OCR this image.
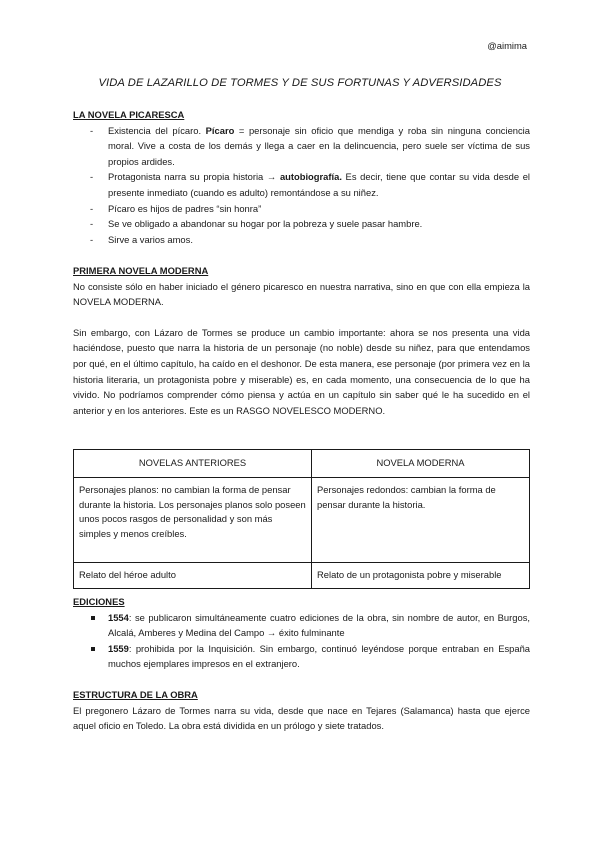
@aimima
VIDA DE LAZARILLO DE TORMES Y DE SUS FORTUNAS Y ADVERSIDADES
LA NOVELA PICARESCA
- Existencia del pícaro. Pícaro = personaje sin oficio que mendiga y roba sin ninguna conciencia moral. Vive a costa de los demás y llega a caer en la delincuencia, pero suele ser víctima de sus propios ardides.
- Protagonista narra su propia historia → autobiografía. Es decir, tiene que contar su vida desde el presente inmediato (cuando es adulto) remontándose a su niñez.
- Pícaro es hijos de padres “sin honra”
- Se ve obligado a abandonar su hogar por la pobreza y suele pasar hambre.
- Sirve a varios amos.
PRIMERA NOVELA MODERNA

No consiste sólo en haber iniciado el género picaresco en nuestra narrativa, sino en que con ella empieza la NOVELA MODERNA.

Sin embargo, con Lázaro de Tormes se produce un cambio importante: ahora se nos presenta una vida haciéndose, puesto que narra la historia de un personaje (no noble) desde su niñez, para que entendamos por qué, en el último capítulo, ha caído en el deshonor. De esta manera, ese personaje (por primera vez en la historia literaria, un protagonista pobre y miserable) es, en cada momento, una consecuencia de lo que ha vivido. No podríamos comprender cómo piensa y actúa en un capítulo sin saber qué le ha sucedido en el anterior y en los anteriores. Este es un RASGO NOVELESCO MODERNO.

NOVELAS ANTERIORES	NOVELA MODERNA
Personajes planos: no cambian la forma de pensar durante la historia. Los personajes planos solo poseen unos pocos rasgos de personalidad y son más simples y menos creíbles.	Personajes redondos: cambian la forma de pensar durante la historia.
Relato del héroe adulto	Relato de un protagonista pobre y miserable
EDICIONES
1554: se publicaron simultáneamente cuatro ediciones de la obra, sin nombre de autor, en Burgos, Alcalá, Amberes y Medina del Campo → éxito fulminante
1559: prohibida por la Inquisición. Sin embargo, continuó leyéndose porque entraban en España muchos ejemplares impresos en el extranjero.
ESTRUCTURA DE LA OBRA

El pregonero Lázaro de Tormes narra su vida, desde que nace en Tejares (Salamanca) hasta que ejerce aquel oficio en Toledo. La obra está dividida en un prólogo y siete tratados.
